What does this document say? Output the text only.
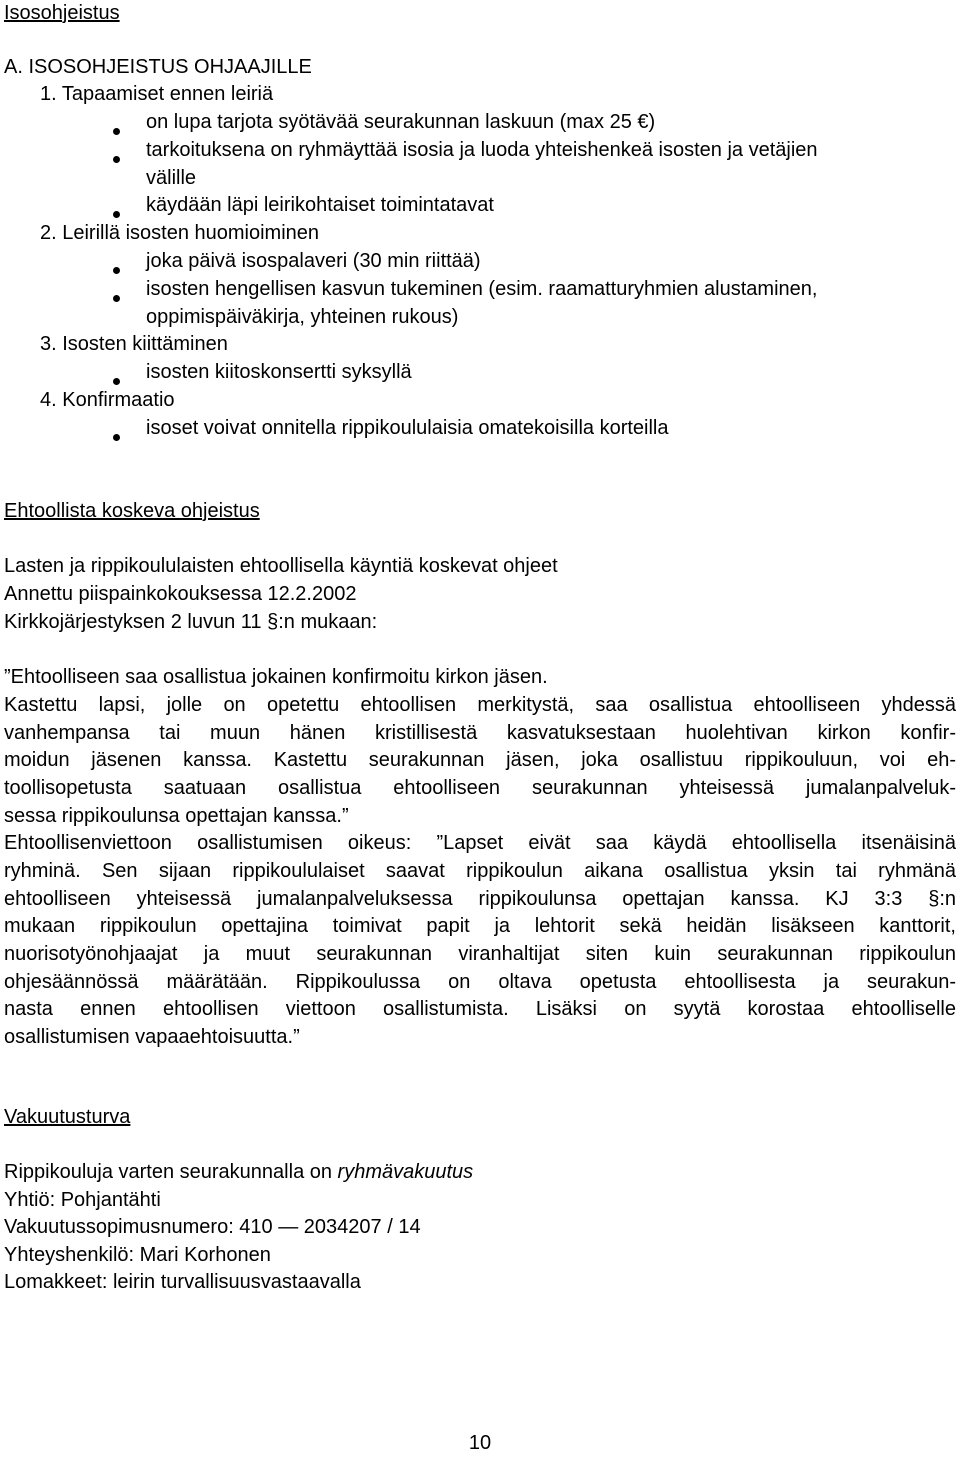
Isosohjeistus
A. ISOSOHJEISTUS OHJAAJILLE
1. Tapaamiset ennen leiriä
on lupa tarjota syötävää seurakunnan laskuun (max 25 €)
tarkoituksena on ryhmäyttää isosia ja luoda yhteishenkeä isosten ja vetäjien
välille
käydään läpi leirikohtaiset toimintatavat
2. Leirillä isosten huomioiminen
joka päivä isospalaveri (30 min riittää)
isosten hengellisen kasvun tukeminen (esim. raamatturyhmien alustaminen,
oppimispäiväkirja, yhteinen rukous)
3. Isosten kiittäminen
isosten kiitoskonsertti syksyllä
4. Konfirmaatio
isoset voivat onnitella rippikoululaisia omatekoisilla korteilla
Ehtoollista koskeva ohjeistus
Lasten ja rippikoululaisten ehtoollisella käyntiä koskevat ohjeet
Annettu piispainkokouksessa 12.2.2002
Kirkkojärjestyksen 2 luvun 11 §:n mukaan:
”Ehtoolliseen saa osallistua jokainen konfirmoitu kirkon jäsen.
Kastettu lapsi, jolle on opetettu ehtoollisen merkitystä, saa osallistua ehtoolliseen yhdessä
vanhempansa tai muun hänen kristillisestä kasvatuksestaan huolehtivan kirkon konfir-
moidun jäsenen kanssa. Kastettu seurakunnan jäsen, joka osallistuu rippikouluun, voi eh-
toollisopetusta saatuaan osallistua ehtoolliseen seurakunnan yhteisessä jumalanpalveluk-
sessa rippikoulunsa opettajan kanssa.”
Ehtoollisenviettoon osallistumisen oikeus: ”Lapset eivät saa käydä ehtoollisella itsenäisinä
ryhminä. Sen sijaan rippikoululaiset saavat rippikoulun aikana osallistua yksin tai ryhmänä
ehtoolliseen yhteisessä jumalanpalveluksessa rippikoulunsa opettajan kanssa. KJ 3:3 §:n
mukaan rippikoulun opettajina toimivat papit ja lehtorit sekä heidän lisäkseen kanttorit,
nuorisotyönohjaajat ja muut seurakunnan viranhaltijat siten kuin seurakunnan rippikoulun
ohjesäännössä määrätään. Rippikoulussa on oltava opetusta ehtoollisesta ja seurakun-
nasta ennen ehtoollisen viettoon osallistumista. Lisäksi on syytä korostaa ehtoolliselle
osallistumisen vapaaehtoisuutta.”
Vakuutusturva
Rippikouluja varten seurakunnalla on ryhmävakuutus
Yhtiö: Pohjantähti
Vakuutussopimusnumero: 410 — 2034207 / 14
Yhteyshenkilö: Mari Korhonen
Lomakkeet: leirin turvallisuusvastaavalla
10
